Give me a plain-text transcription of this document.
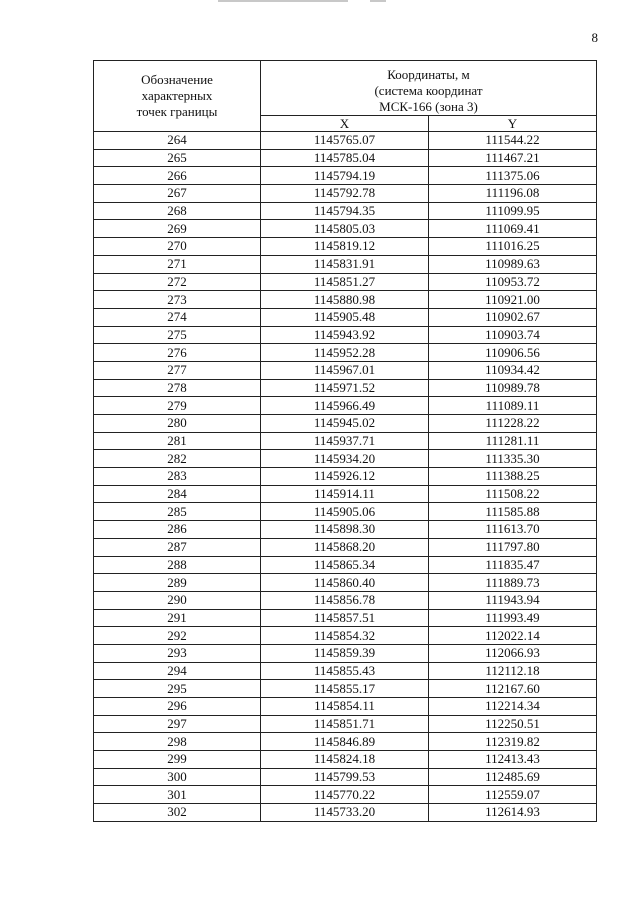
8
Обозначение
характерных
точек границы	Координаты, м
(система координат
МСК-166 (зона 3)	

	X	Y
264	1145765.07	111544.22
265	1145785.04	111467.21
266	1145794.19	111375.06
267	1145792.78	111196.08
268	1145794.35	111099.95
269	1145805.03	111069.41
270	1145819.12	111016.25
271	1145831.91	110989.63
272	1145851.27	110953.72
273	1145880.98	110921.00
274	1145905.48	110902.67
275	1145943.92	110903.74
276	1145952.28	110906.56
277	1145967.01	110934.42
278	1145971.52	110989.78
279	1145966.49	111089.11
280	1145945.02	111228.22
281	1145937.71	111281.11
282	1145934.20	111335.30
283	1145926.12	111388.25
284	1145914.11	111508.22
285	1145905.06	111585.88
286	1145898.30	111613.70
287	1145868.20	111797.80
288	1145865.34	111835.47
289	1145860.40	111889.73
290	1145856.78	111943.94
291	1145857.51	111993.49
292	1145854.32	112022.14
293	1145859.39	112066.93
294	1145855.43	112112.18
295	1145855.17	112167.60
296	1145854.11	112214.34
297	1145851.71	112250.51
298	1145846.89	112319.82
299	1145824.18	112413.43
300	1145799.53	112485.69
301	1145770.22	112559.07
302	1145733.20	112614.93
